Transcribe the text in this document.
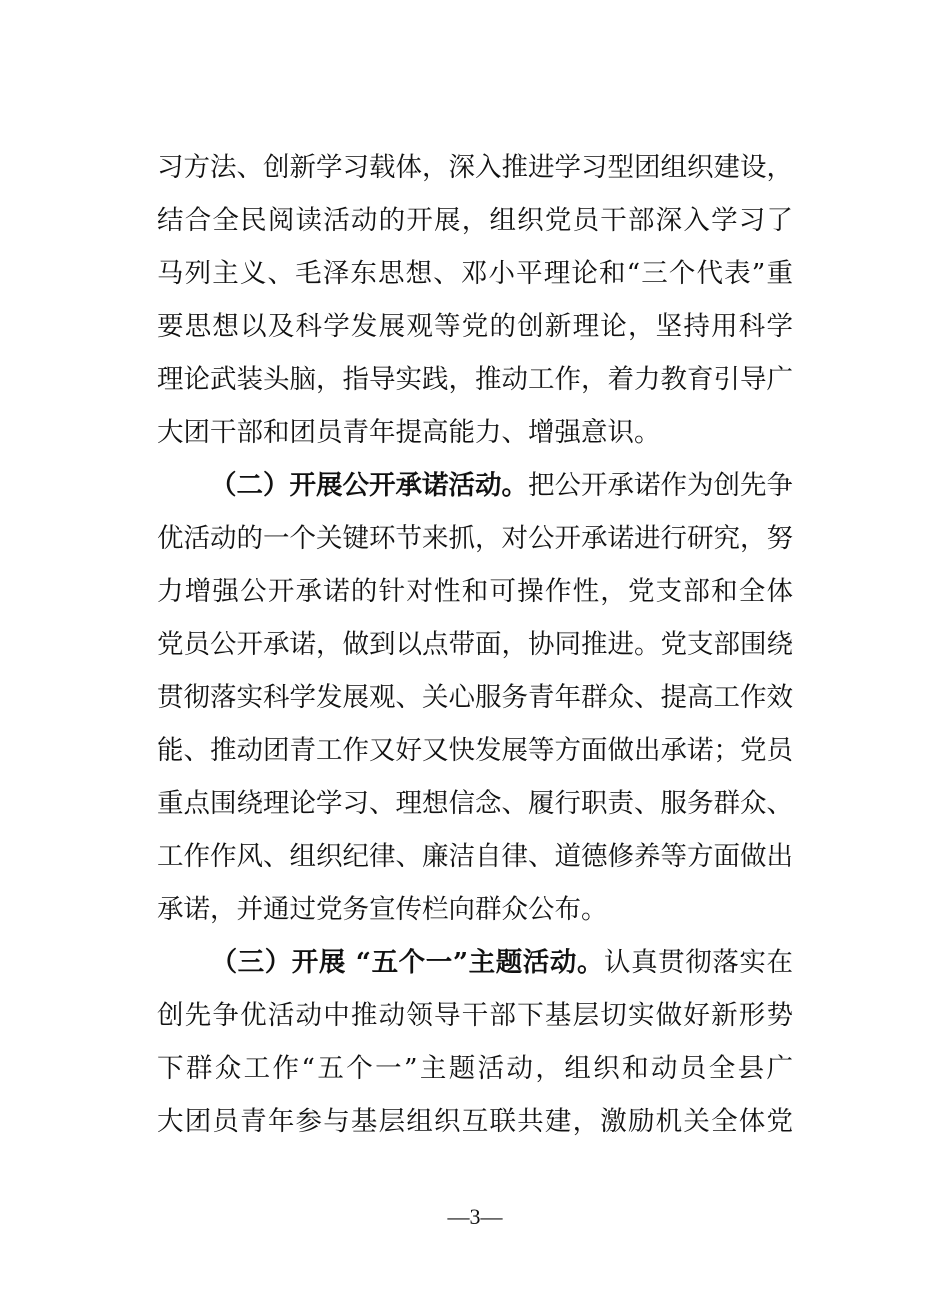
习方法、创新学习载体，深入推进学习型团组织建设，
结合全民阅读活动的开展，组织党员干部深入学习了
马列主义、毛泽东思想、邓小平理论和“三个代表”重
要思想以及科学发展观等党的创新理论，坚持用科学
理论武装头脑，指导实践，推动工作，着力教育引导广
大团干部和团员青年提高能力、增强意识。
（二）开展公开承诺活动。把公开承诺作为创先争
优活动的一个关键环节来抓，对公开承诺进行研究，努
力增强公开承诺的针对性和可操作性，党支部和全体
党员公开承诺，做到以点带面，协同推进。党支部围绕
贯彻落实科学发展观、关心服务青年群众、提高工作效
能、推动团青工作又好又快发展等方面做出承诺；党员
重点围绕理论学习、理想信念、履行职责、服务群众、
工作作风、组织纪律、廉洁自律、道德修养等方面做出
承诺，并通过党务宣传栏向群众公布。
（三）开展 “五个一”主题活动。认真贯彻落实在
创先争优活动中推动领导干部下基层切实做好新形势
下群众工作“五个一”主题活动，组织和动员全县广
大团员青年参与基层组织互联共建，激励机关全体党
—3—
